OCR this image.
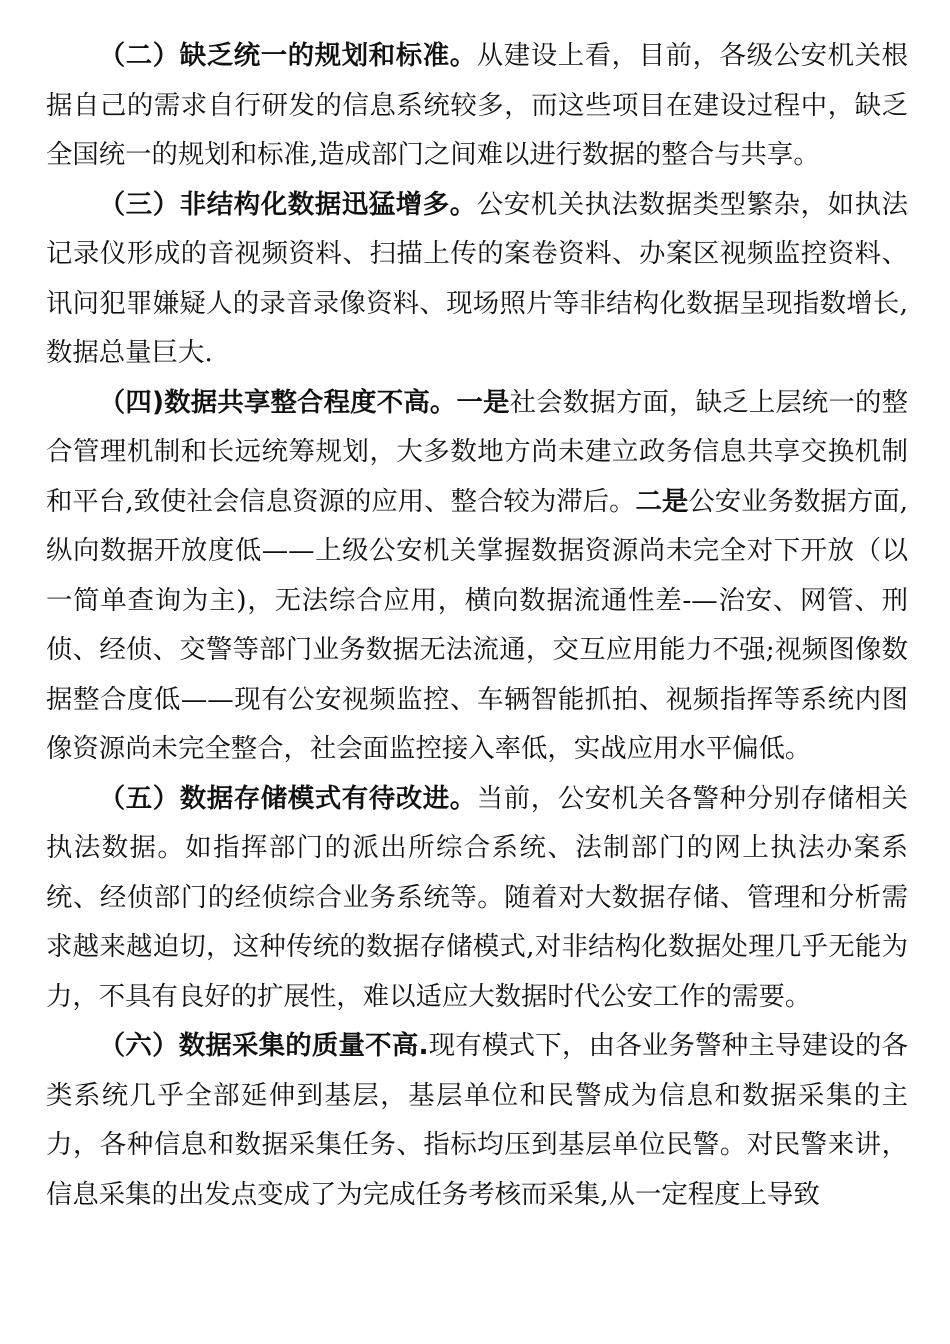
（二）缺乏统一的规划和标准。从建设上看，目前，各级公安机关根据自己的需求自行研发的信息系统较多，而这些项目在建设过程中，缺乏全国统一的规划和标准,造成部门之间难以进行数据的整合与共享。

（三）非结构化数据迅猛增多。公安机关执法数据类型繁杂，如执法记录仪形成的音视频资料、扫描上传的案卷资料、办案区视频监控资料、讯问犯罪嫌疑人的录音录像资料、现场照片等非结构化数据呈现指数增长,数据总量巨大.

（四)数据共享整合程度不高。一是社会数据方面，缺乏上层统一的整合管理机制和长远统筹规划，大多数地方尚未建立政务信息共享交换机制和平台,致使社会信息资源的应用、整合较为滞后。二是公安业务数据方面,纵向数据开放度低——上级公安机关掌握数据资源尚未完全对下开放（以一简单查询为主)，无法综合应用，横向数据流通性差-—治安、网管、刑侦、经侦、交警等部门业务数据无法流通，交互应用能力不强;视频图像数据整合度低——现有公安视频监控、车辆智能抓拍、视频指挥等系统内图像资源尚未完全整合，社会面监控接入率低，实战应用水平偏低。

（五）数据存储模式有待改进。当前，公安机关各警种分别存储相关执法数据。如指挥部门的派出所综合系统、法制部门的网上执法办案系统、经侦部门的经侦综合业务系统等。随着对大数据存储、管理和分析需求越来越迫切，这种传统的数据存储模式,对非结构化数据处理几乎无能为力，不具有良好的扩展性，难以适应大数据时代公安工作的需要。

（六）数据采集的质量不高.现有模式下，由各业务警种主导建设的各类系统几乎全部延伸到基层，基层单位和民警成为信息和数据采集的主力，各种信息和数据采集任务、指标均压到基层单位民警。对民警来讲，信息采集的出发点变成了为完成任务考核而采集,从一定程度上导致
